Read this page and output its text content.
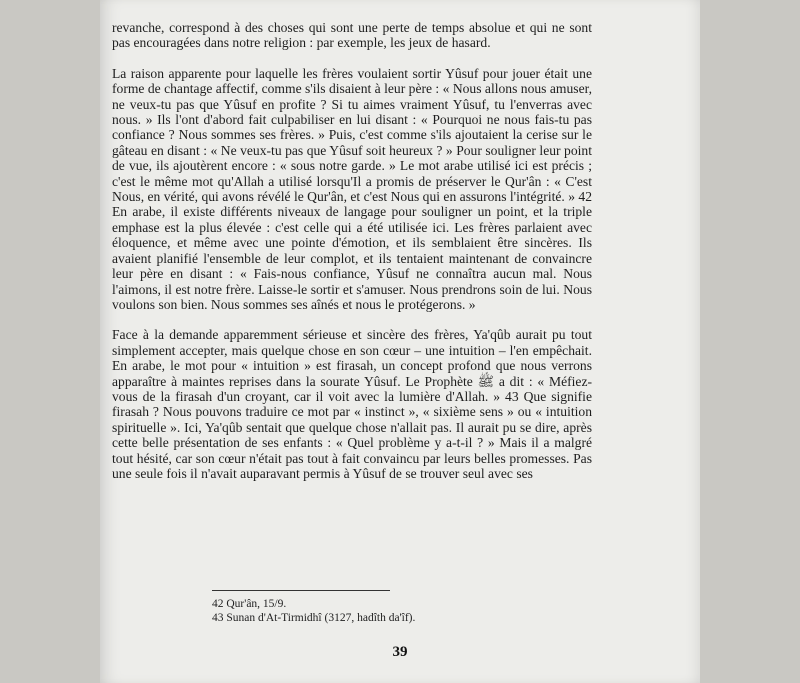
revanche, correspond à des choses qui sont une perte de temps absolue et qui ne sont pas encouragées dans notre religion : par exemple, les jeux de hasard.

La raison apparente pour laquelle les frères voulaient sortir Yûsuf pour jouer était une forme de chantage affectif, comme s'ils disaient à leur père : « Nous allons nous amuser, ne veux-tu pas que Yûsuf en profite ? Si tu aimes vraiment Yûsuf, tu l'enverras avec nous. » Ils l'ont d'abord fait culpabiliser en lui disant : « Pourquoi ne nous fais-tu pas confiance ? Nous sommes ses frères. » Puis, c'est comme s'ils ajoutaient la cerise sur le gâteau en disant : « Ne veux-tu pas que Yûsuf soit heureux ? » Pour souligner leur point de vue, ils ajoutèrent encore : « sous notre garde. » Le mot arabe utilisé ici est précis ; c'est le même mot qu'Allah a utilisé lorsqu'Il a promis de préserver le Qur'ân : « C'est Nous, en vérité, qui avons révélé le Qur'ân, et c'est Nous qui en assurons l'intégrité. » 42 En arabe, il existe différents niveaux de langage pour souligner un point, et la triple emphase est la plus élevée : c'est celle qui a été utilisée ici. Les frères parlaient avec éloquence, et même avec une pointe d'émotion, et ils semblaient être sincères. Ils avaient planifié l'ensemble de leur complot, et ils tentaient maintenant de convaincre leur père en disant : « Fais-nous confiance, Yûsuf ne connaîtra aucun mal. Nous l'aimons, il est notre frère. Laisse-le sortir et s'amuser. Nous prendrons soin de lui. Nous voulons son bien. Nous sommes ses aînés et nous le protégerons. »

Face à la demande apparemment sérieuse et sincère des frères, Ya'qûb aurait pu tout simplement accepter, mais quelque chose en son cœur – une intuition – l'en empêchait. En arabe, le mot pour « intuition » est firasah, un concept profond que nous verrons apparaître à maintes reprises dans la sourate Yûsuf. Le Prophète ﷺ a dit : « Méfiez-vous de la firasah d'un croyant, car il voit avec la lumière d'Allah. » 43 Que signifie firasah ? Nous pouvons traduire ce mot par « instinct », « sixième sens » ou « intuition spirituelle ». Ici, Ya'qûb sentait que quelque chose n'allait pas. Il aurait pu se dire, après cette belle présentation de ses enfants : « Quel problème y a-t-il ? » Mais il a malgré tout hésité, car son cœur n'était pas tout à fait convaincu par leurs belles promesses. Pas une seule fois il n'avait auparavant permis à Yûsuf de se trouver seul avec ses

42 Qur'ân, 15/9.
43 Sunan d'At-Tirmidhî (3127, hadîth da'îf).
39
